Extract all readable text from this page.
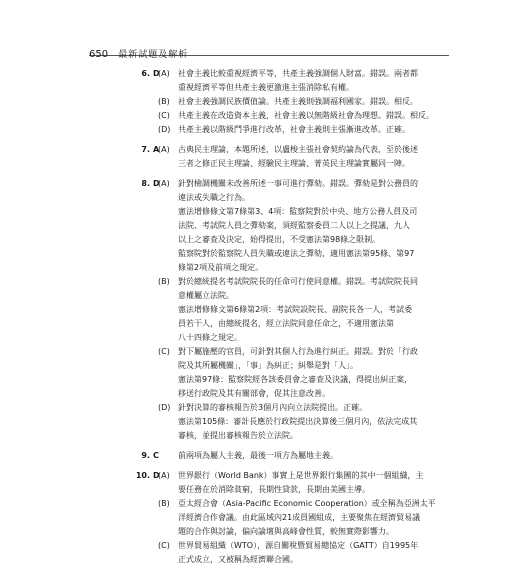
650 最新試題及解析
6. D
(A) 社會主義比較重視經濟平等，共產主義強調個人財富。錯誤。兩者都
重視經濟平等但共產主義更激進主張消除私有權。
(B) 社會主義強調民族價值論。共產主義則強調福利國家。錯誤。相反。
(C) 共產主義在改造資本主義，社會主義以無階級社會為理想。錯誤。相反。
(D) 共產主義以階級鬥爭進行改革，社會主義則主張漸進改革。正確。
7. A
(A) 古典民主理論，本題所述，以盧梭主張社會契約論為代表，至於後述
三者之修正民主理論、經驗民主理論、菁英民主理論實屬同一陣。
8. D
(A) 針對檢調機關未改善所述一事可進行彈劾。錯誤。彈劾是對公務員的
違法或失職之行為。
憲法增修條文第7條第3、4項：監察院對於中央、地方公務人員及司
法院、考試院人員之彈劾案，須經監察委員二人以上之提議，九人
以上之審查及決定，始得提出，不受憲法第98條之限制。
監察院對於監察院人員失職或違法之彈劾，適用憲法第95條、第97
條第2項及前項之規定。
(B) 對於總統提名考試院院長的任命可行使同意權。錯誤。考試院院長同
意權屬立法院。
憲法增修條文第6條第2項：考試院設院長、副院長各一人，考試委
員若干人，由總統提名，經立法院同意任命之，不適用憲法第
八十四條之規定。
(C) 對下屬施壓的官員，可針對其個人行為進行糾正。錯誤。對於「行政
院及其所屬機關」，「事」為糾正；糾舉是對「人」。
憲法第97條：監察院經各該委員會之審查及決議，得提出糾正案，
移送行政院及其有關部會，促其注意改善。
(D) 針對決算的審核報告於3個月內向立法院提出。正確。
憲法第105條：審計長應於行政院提出決算後三個月內，依法完成其
審核，並提出審核報告於立法院。
9. C 前兩項為屬人主義，最後一項方為屬地主義。
10. D
(A) 世界銀行（World Bank）事實上是世界銀行集團的其中一個組織，主
要任務在於消除貧窮，長期性貸款，長期由美國主導。
(B) 亞太經合會（Asia-Pacific Economic Cooperation）或全稱為亞洲太平
洋經濟合作會議。由此區域內21成員國組成，主要聚焦在經濟貿易議
題的合作與討論，偏向論壇與高峰會性質，較無實際影響力。
(C) 世界貿易組織（WTO），源自關稅暨貿易總協定（GATT）自1995年
正式成立，又被稱為經濟聯合國。
